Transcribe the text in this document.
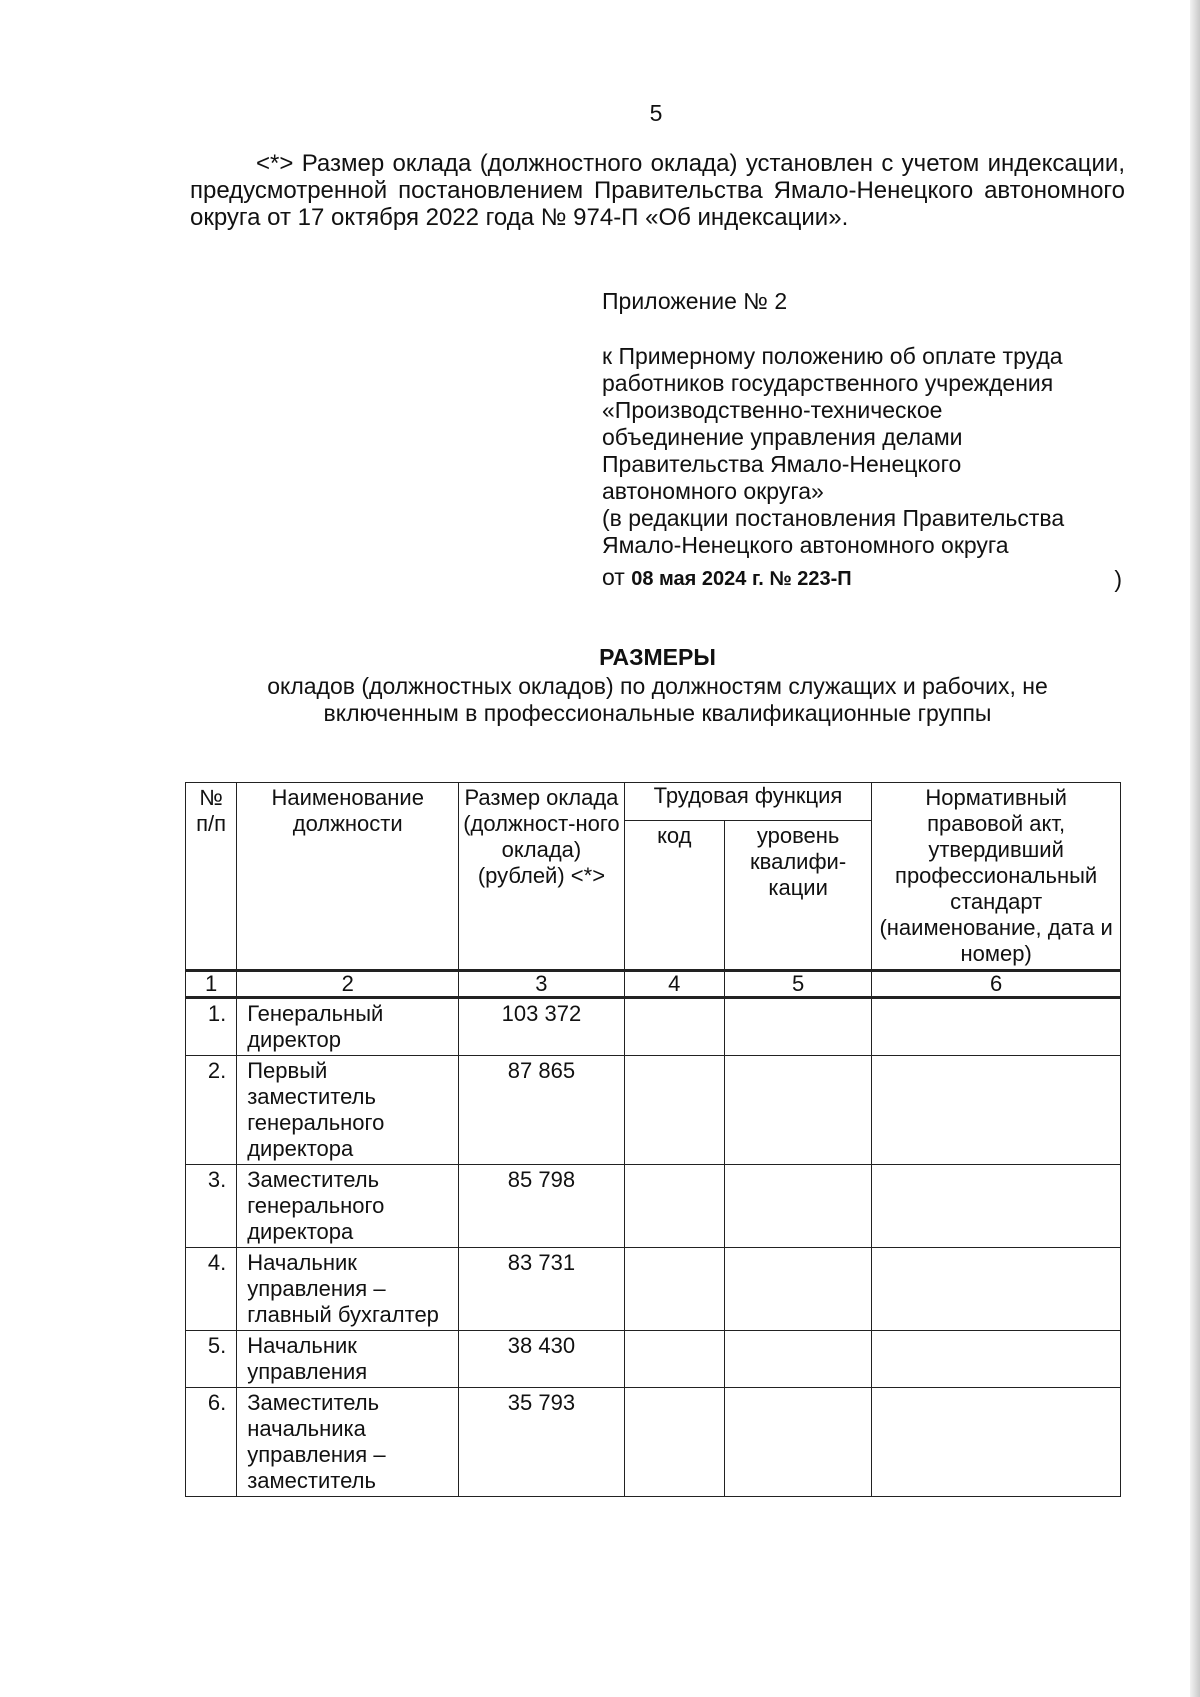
5
<*> Размер оклада (должностного оклада) установлен с учетом индексации, предусмотренной постановлением Правительства Ямало-Ненецкого автономного округа от 17 октября 2022 года № 974-П «Об индексации».
Приложение № 2
к Примерному положению об оплате труда
работников государственного учреждения
«Производственно-техническое
объединение управления делами
Правительства Ямало-Ненецкого
автономного округа»
(в редакции постановления Правительства
Ямало-Ненецкого автономного округа
от 08 мая 2024 г. № 223-П	)
РАЗМЕРЫ
окладов (должностных окладов) по должностям служащих и рабочих, не
включенным в профессиональные квалификационные группы
№ п/п	Наименование должности	Размер оклада (должност-ного оклада) (рублей) <*>	Трудовая функция		Нормативный правовой акт, утвердивший профессиональный стандарт (наименование, дата и номер)
			код	уровень квалифи-кации	
1	2	3	4	5	6
1.	Генеральный директор	103 372			
2.	Первый заместитель генерального директора	87 865			
3.	Заместитель генерального директора	85 798			
4.	Начальник управления – главный бухгалтер	83 731			
5.	Начальник управления	38 430			
6.	Заместитель начальника управления – заместитель	35 793			
